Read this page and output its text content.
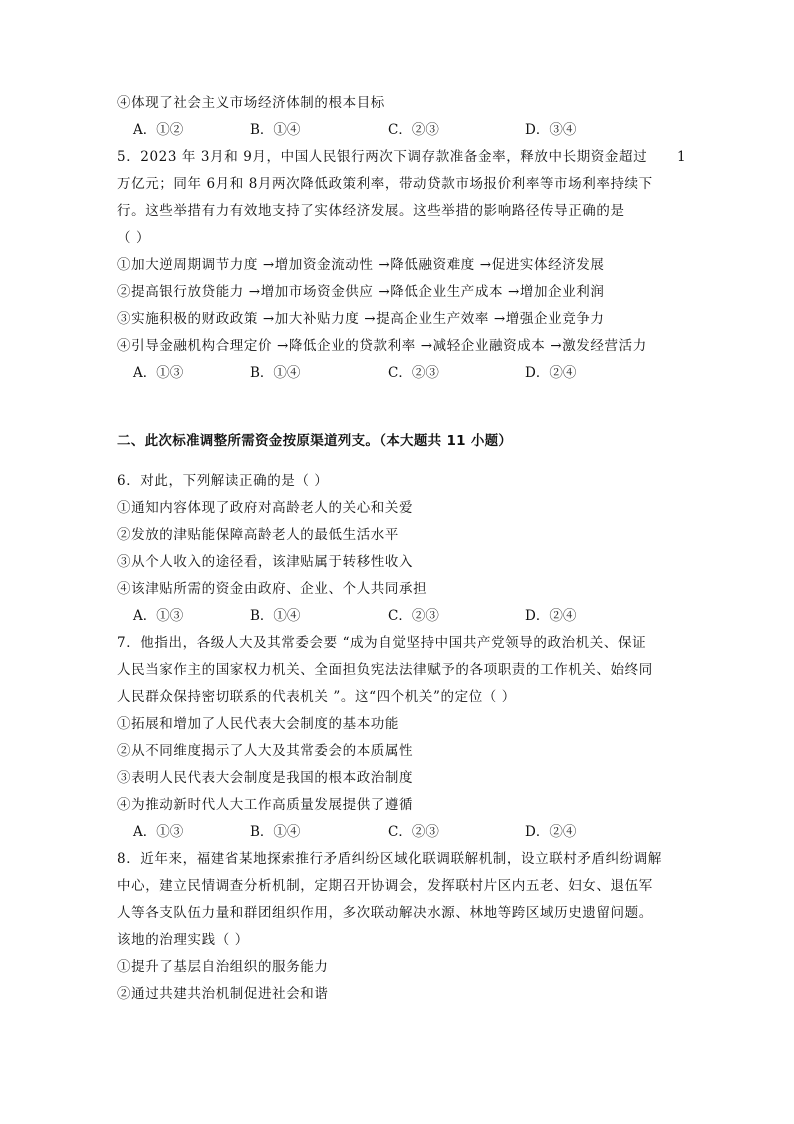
④体现了社会主义市场经济体制的根本目标
A．①②	B．①④	C．②③	D．③④
5．2023 年 3月和 9月，中国人民银行两次下调存款准备金率，释放中长期资金超过 1
万亿元；同年 6月和 8月两次降低政策利率，带动贷款市场报价利率等市场利率持续下
行。这些举措有力有效地支持了实体经济发展。这些举措的影响路径传导正确的是
（ ）
①加大逆周期调节力度 →增加资金流动性 →降低融资难度 →促进实体经济发展
②提高银行放贷能力 →增加市场资金供应 →降低企业生产成本 →增加企业利润
③实施积极的财政政策 →加大补贴力度 →提高企业生产效率 →增强企业竞争力
④引导金融机构合理定价 →降低企业的贷款利率 →减轻企业融资成本 →激发经营活力
A．①③	B．①④	C．②③	D．②④
二、此次标准调整所需资金按原渠道列支。（本大题共 11 小题）
6．对此，下列解读正确的是（ ）
①通知内容体现了政府对高龄老人的关心和关爱
②发放的津贴能保障高龄老人的最低生活水平
③从个人收入的途径看，该津贴属于转移性收入
④该津贴所需的资金由政府、企业、个人共同承担
A．①③	B．①④	C．②③	D．②④
7．他指出，各级人大及其常委会要 “成为自觉坚持中国共产党领导的政治机关、保证
人民当家作主的国家权力机关、全面担负宪法法律赋予的各项职责的工作机关、始终同
人民群众保持密切联系的代表机关 ”。这“四个机关”的定位（ ）
①拓展和增加了人民代表大会制度的基本功能
②从不同维度揭示了人大及其常委会的本质属性
③表明人民代表大会制度是我国的根本政治制度
④为推动新时代人大工作高质量发展提供了遵循
A．①③	B．①④	C．②③	D．②④
8．近年来，福建省某地探索推行矛盾纠纷区域化联调联解机制，设立联村矛盾纠纷调解
中心，建立民情调查分析机制，定期召开协调会，发挥联村片区内五老、妇女、退伍军
人等各支队伍力量和群团组织作用，多次联动解决水源、林地等跨区域历史遗留问题。
该地的治理实践（ ）
①提升了基层自治组织的服务能力
②通过共建共治机制促进社会和谐
